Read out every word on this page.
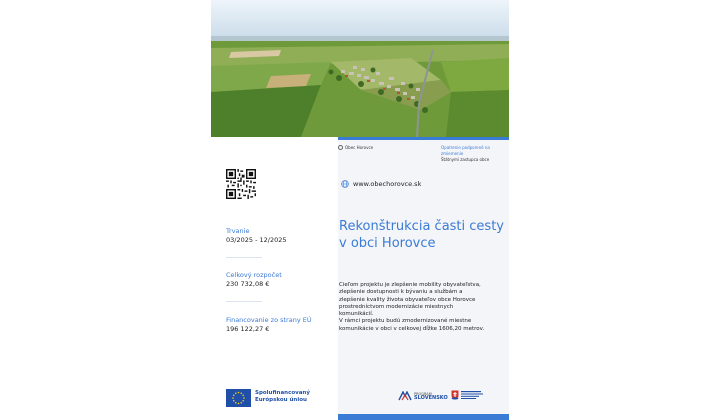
Obec Horovce	Opatrenie podporené na zmiernenie
Štátnymi zastupca obce
www.obechorovce.sk
Rekonštrukcia časti cesty v obci Horovce
Trvanie
03/2025 - 12/2025
Celkový rozpočet
230 732,08 €
Financovanie zo strany EÚ
196 122,27 €
Cieľom projektu je zlepšenie mobility obyvateľstva,
zlepšenie dostupnosti k bývaniu a službám a
zlepšenie kvality života obyvateľov obce Horovce
prostredníctvom modernizácie miestnych
komunikácií.
V rámci projektu budú zmodernizované miestne
komunikácie v obci v celkovej dĺžke 1606,20 metrov.
Spolufinancovaný
Európskou úniou
PROGRAM
SLOVENSKO
